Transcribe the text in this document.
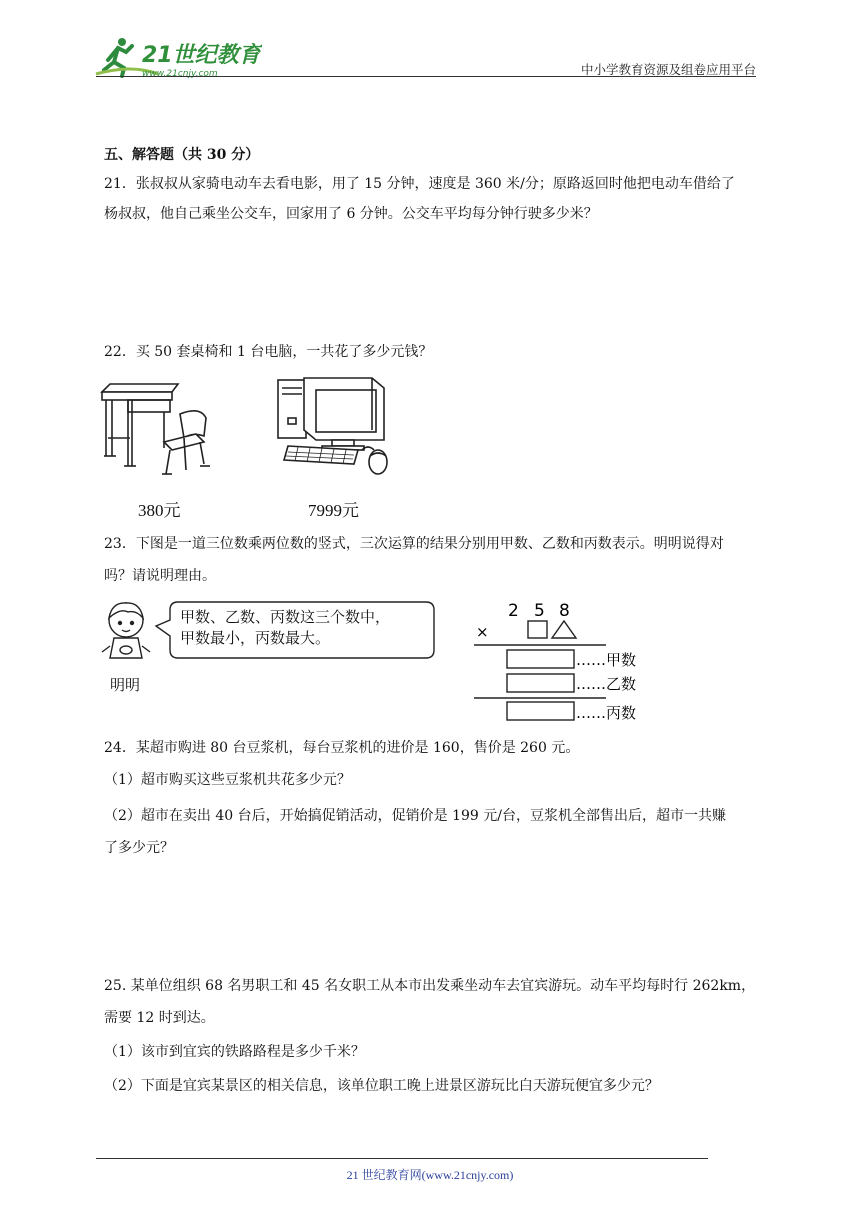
21世纪教育
www.21cnjy.com	中小学教育资源及组卷应用平台
五、解答题（共 30 分）
21．张叔叔从家骑电动车去看电影，用了 15 分钟，速度是 360 米/分；原路返回时他把电动车借给了
杨叔叔，他自己乘坐公交车，回家用了 6 分钟。公交车平均每分钟行驶多少米？
22．买 50 套桌椅和 1 台电脑，一共花了多少元钱？
380元	7999元
23．下图是一道三位数乘两位数的竖式，三次运算的结果分别用甲数、乙数和丙数表示。明明说得对
吗？请说明理由。
甲数、乙数、丙数这三个数中，
甲数最小，丙数最大。
明明
2 5 8
×
……甲数
……乙数
……丙数
24．某超市购进 80 台豆浆机，每台豆浆机的进价是 160，售价是 260 元。
（1）超市购买这些豆浆机共花多少元？
（2）超市在卖出 40 台后，开始搞促销活动，促销价是 199 元/台，豆浆机全部售出后，超市一共赚
了多少元？
25. 某单位组织 68 名男职工和 45 名女职工从本市出发乘坐动车去宜宾游玩。动车平均每时行 262km，
需要 12 时到达。
（1）该市到宜宾的铁路路程是多少千米？
（2）下面是宜宾某景区的相关信息，该单位职工晚上进景区游玩比白天游玩便宜多少元？
21 世纪教育网(www.21cnjy.com)
